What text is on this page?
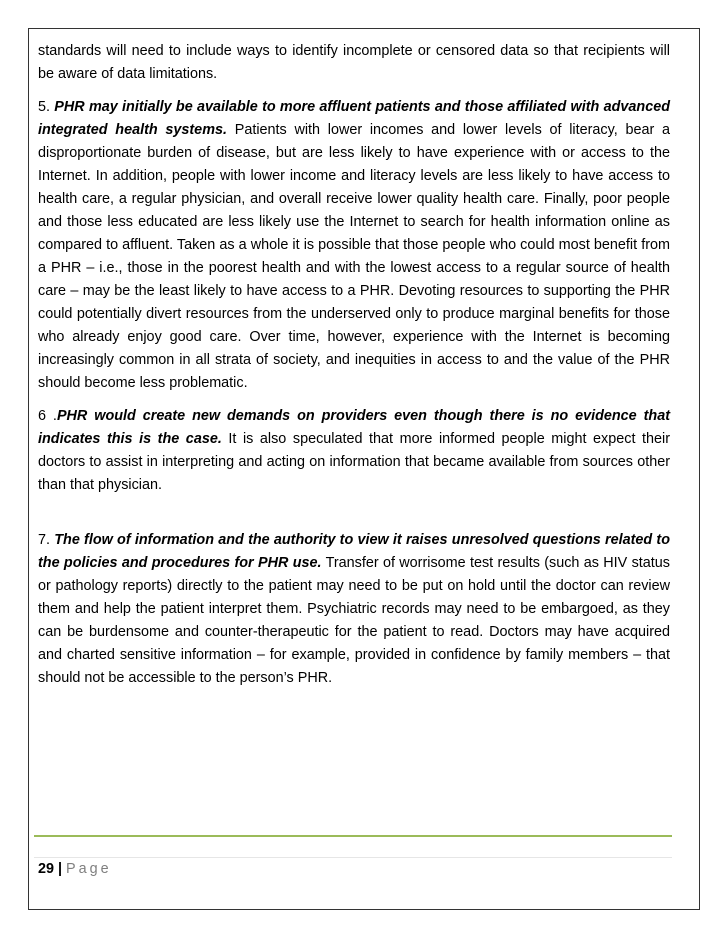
standards will need to include ways to identify incomplete or censored data so that recipients will be aware of data limitations.

5. PHR may initially be available to more affluent patients and those affiliated with advanced integrated health systems. Patients with lower incomes and lower levels of literacy, bear a disproportionate burden of disease, but are less likely to have experience with or access to the Internet. In addition, people with lower income and literacy levels are less likely to have access to health care, a regular physician, and overall receive lower quality health care. Finally, poor people and those less educated are less likely use the Internet to search for health information online as compared to affluent. Taken as a whole it is possible that those people who could most benefit from a PHR – i.e., those in the poorest health and with the lowest access to a regular source of health care – may be the least likely to have access to a PHR. Devoting resources to supporting the PHR could potentially divert resources from the underserved only to produce marginal benefits for those who already enjoy good care. Over time, however, experience with the Internet is becoming increasingly common in all strata of society, and inequities in access to and the value of the PHR should become less problematic.

6 .PHR would create new demands on providers even though there is no evidence that indicates this is the case. It is also speculated that more informed people might expect their doctors to assist in interpreting and acting on information that became available from sources other than that physician.

7. The flow of information and the authority to view it raises unresolved questions related to the policies and procedures for PHR use. Transfer of worrisome test results (such as HIV status or pathology reports) directly to the patient may need to be put on hold until the doctor can review them and help the patient interpret them. Psychiatric records may need to be embargoed, as they can be burdensome and counter-therapeutic for the patient to read. Doctors may have acquired and charted sensitive information – for example, provided in confidence by family members – that should not be accessible to the person’s PHR.

29 | Page
